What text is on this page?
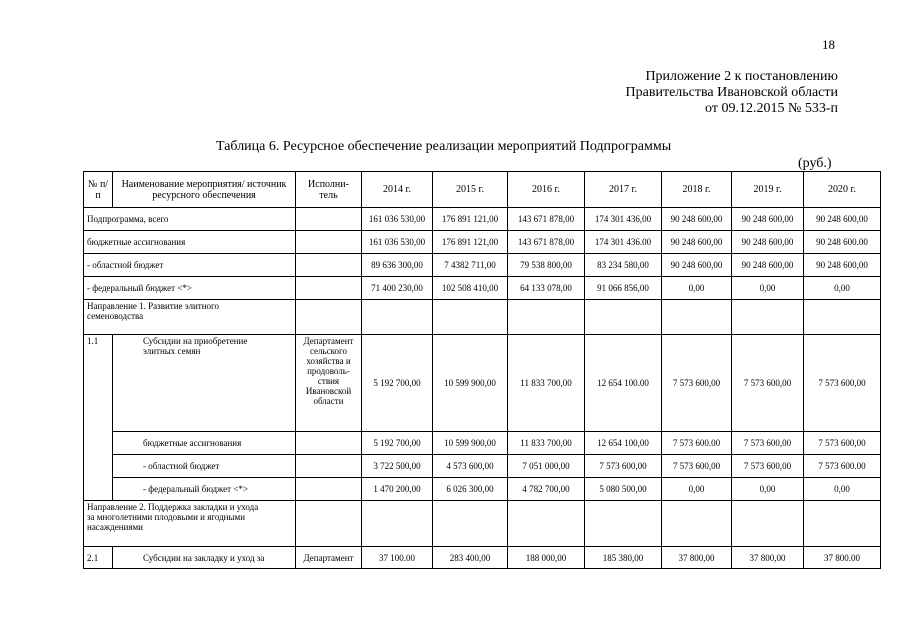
18
Приложение 2 к постановлению
Правительства Ивановской области
от 09.12.2015 № 533-п
Таблица 6. Ресурсное обеспечение реализации мероприятий Подпрограммы
(руб.)
№ п/п	Наименование мероприятия/ источник ресурсного обеспечения	Исполни-тель	2014 г.	2015 г.	2016 г.	2017 г.	2018 г.	2019 г.	2020 г.
Подпрограмма, всего			161 036 530,00	176 891 121,00	143 671 878,00	174 301 436,00	90 248 600,00	90 248 600,00	90 248 600,00
бюджетные ассигнования			161 036 530,00	176 891 121,00	143 671 878,00	174 301 436.00	90 248 600,00	90 248 600,00	90 248 600.00
- областной бюджет			89 636 300,00	7 4382 711,00	79 538 800,00	83 234 580,00	90 248 600,00	90 248 600,00	90 248 600,00
- федеральный бюджет <*>			71 400 230,00	102 508 410,00	64 133 078,00	91 066 856,00	0,00	0,00	0,00
Направление 1. Развитие элитного семеноводства									
1.1	Субсидии на приобретение элитных семян	Департамент сельского хозяйства и продоволь-ствия Ивановской области	5 192 700,00	10 599 900,00	11 833 700,00	12 654 100.00	7 573 600,00	7 573 600,00	7 573 600,00
	бюджетные ассигнования		5 192 700,00	10 599 900,00	11 833 700,00	12 654 100,00	7 573 600.00	7 573 600,00	7 573 600,00
	- областной бюджет		3 722 500,00	4 573 600,00	7 051 000,00	7 573 600,00	7 573 600,00	7 573 600,00	7 573 600.00
	- федеральный бюджет <*>		1 470 200,00	6 026 300,00	4 782 700,00	5 080 500,00	0,00	0,00	0,00
Направление 2. Поддержка закладки и ухода за многолетними плодовыми и ягодными насаждениями									
2.1	Субсидии на закладку и уход за	Департамент	37 100.00	283 400,00	188 000,00	185 380,00	37 800,00	37 800,00	37 800.00
